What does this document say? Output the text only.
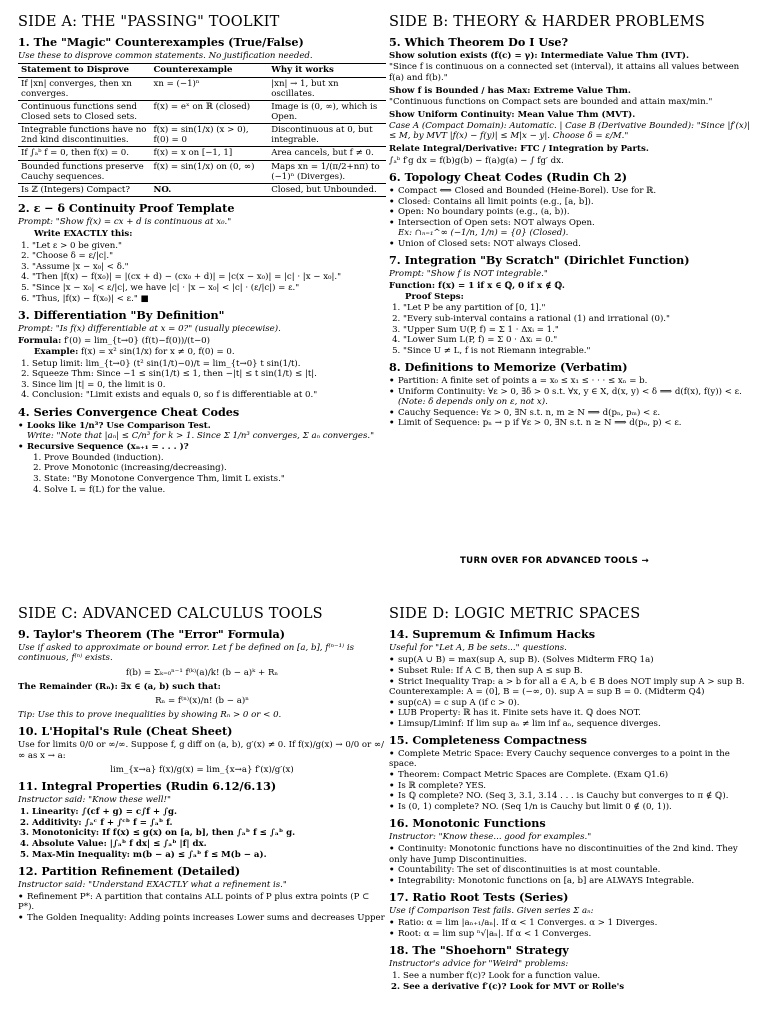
SIDE A: THE "PASSING" TOOLKIT
1. The "Magic" Counterexamples (True/False)
Use these to disprove common statements. No justification needed.
Statement to Disprove	Counterexample	Why it works
If |xn| converges, then xn converges.	xn = (−1)ⁿ	|xn| → 1, but xn oscillates.
Continuous functions send Closed sets to Closed sets.	f(x) = eˣ on ℝ (closed)	Image is (0, ∞), which is Open.
Integrable functions have no 2nd kind discontinuities.	f(x) = sin(1/x) (x > 0), f(0) = 0	Discontinuous at 0, but integrable.
If ∫ₐᵇ f = 0, then f(x) = 0.	f(x) = x on [−1, 1]	Area cancels, but f ≠ 0.
Bounded functions preserve Cauchy sequences.	f(x) = sin(1/x) on (0, ∞)	Maps xn = 1/(π/2+nπ) to (−1)ⁿ (Diverges).
Is ℤ (Integers) Compact?	NO.	Closed, but Unbounded.
2. ε − δ Continuity Proof Template
Prompt: "Show f(x) = cx + d is continuous at x₀."
Write EXACTLY this:
1. "Let ε > 0 be given."
2. "Choose δ = ε/|c|."
3. "Assume |x − x₀| < δ."
4. "Then |f(x) − f(x₀)| = |(cx + d) − (cx₀ + d)| = |c(x − x₀)| = |c| · |x − x₀|."
5. "Since |x − x₀| < ε/|c|, we have |c| · |x − x₀| < |c| · (ε/|c|) = ε."
6. "Thus, |f(x) − f(x₀)| < ε." ■
3. Differentiation "By Definition"
Prompt: "Is f(x) differentiable at x = 0?" (usually piecewise).
Formula: f′(0) = lim_{t→0} (f(t)−f(0))/(t−0)
Example: f(x) = x² sin(1/x) for x ≠ 0, f(0) = 0.
1. Setup limit: lim_{t→0} (t² sin(1/t)−0)/t = lim_{t→0} t sin(1/t).
2. Squeeze Thm: Since −1 ≤ sin(1/t) ≤ 1, then −|t| ≤ t sin(1/t) ≤ |t|.
3. Since lim |t| = 0, the limit is 0.
4. Conclusion: "Limit exists and equals 0, so f is differentiable at 0."
4. Series Convergence Cheat Codes
• Looks like 1/n³? Use Comparison Test.
Write: "Note that |aₙ| ≤ C/n³ for k > 1. Since Σ 1/n³ converges, Σ aₙ converges."
• Recursive Sequence (xₙ₊₁ = . . . )?
1. Prove Bounded (induction).
2. Prove Monotonic (increasing/decreasing).
3. State: "By Monotone Convergence Thm, limit L exists."
4. Solve L = f(L) for the value.
SIDE B: THEORY & HARDER PROBLEMS
5. Which Theorem Do I Use?
Show solution exists (f(c) = γ): Intermediate Value Thm (IVT).
"Since f is continuous on a connected set (interval), it attains all values between f(a) and f(b)."
Show f is Bounded / has Max: Extreme Value Thm.
"Continuous functions on Compact sets are bounded and attain max/min."
Show Uniform Continuity: Mean Value Thm (MVT).
Case A (Compact Domain): Automatic. | Case B (Derivative Bounded): "Since |f′(x)| ≤ M, by MVT |f(x) − f(y)| ≤ M|x − y|. Choose δ = ε/M."
Relate Integral/Derivative: FTC / Integration by Parts.
∫ₐᵇ f′g dx = f(b)g(b) − f(a)g(a) − ∫ fg′ dx.
6. Topology Cheat Codes (Rudin Ch 2)
• Compact ⟺ Closed and Bounded (Heine-Borel). Use for ℝ.
• Closed: Contains all limit points (e.g., [a, b]).
• Open: No boundary points (e.g., (a, b)).
• Intersection of Open sets: NOT always Open.
Ex: ∩ₙ₌₁^∞ (−1/n, 1/n) = {0} (Closed).
• Union of Closed sets: NOT always Closed.
7. Integration "By Scratch" (Dirichlet Function)
Prompt: "Show f is NOT integrable."
Function: f(x) = 1 if x ∈ ℚ, 0 if x ∉ ℚ.
Proof Steps:
1. "Let P be any partition of [0, 1]."
2. "Every sub-interval contains a rational (1) and irrational (0)."
3. "Upper Sum U(P, f) = Σ 1 · Δxᵢ = 1."
4. "Lower Sum L(P, f) = Σ 0 · Δxᵢ = 0."
5. "Since U ≠ L, f is not Riemann integrable."
8. Definitions to Memorize (Verbatim)
• Partition: A finite set of points a = x₀ ≤ x₁ ≤ · · · ≤ xₙ = b.
• Uniform Continuity: ∀ε > 0, ∃δ > 0 s.t. ∀x, y ∈ X, d(x, y) < δ ⟹ d(f(x), f(y)) < ε.
(Note: δ depends only on ε, not x).
• Cauchy Sequence: ∀ε > 0, ∃N s.t. n, m ≥ N ⟹ d(pₙ, pₘ) < ε.
• Limit of Sequence: pₙ → p if ∀ε > 0, ∃N s.t. n ≥ N ⟹ d(pₙ, p) < ε.
TURN OVER FOR ADVANCED TOOLS →
SIDE C: ADVANCED CALCULUS TOOLS
9. Taylor's Theorem (The "Error" Formula)
Use if asked to approximate or bound error. Let f be defined on [a, b], f⁽ⁿ⁻¹⁾ is continuous, f⁽ⁿ⁾ exists.
f(b) = Σₖ₌₀ⁿ⁻¹ f⁽ᵏ⁾(a)/k! (b − a)ᵏ + Rₙ
The Remainder (Rₙ): ∃x ∈ (a, b) such that:
Rₙ = f⁽ⁿ⁾(x)/n! (b − a)ⁿ
Tip: Use this to prove inequalities by showing Rₙ > 0 or < 0.
10. L'Hopital's Rule (Cheat Sheet)
Use for limits 0/0 or ∞/∞. Suppose f, g diff on (a, b), g′(x) ≠ 0. If f(x)/g(x) → 0/0 or ∞/∞ as x → a:
lim_{x→a} f(x)/g(x) = lim_{x→a} f′(x)/g′(x)
11. Integral Properties (Rudin 6.12/6.13)
Instructor said: "Know these well!"
1. Linearity: ∫(cf + g) = c∫f + ∫g.
2. Additivity: ∫ₐᶜ f + ∫ᶜᵇ f = ∫ₐᵇ f.
3. Monotonicity: If f(x) ≤ g(x) on [a, b], then ∫ₐᵇ f ≤ ∫ₐᵇ g.
4. Absolute Value: |∫ₐᵇ f dx| ≤ ∫ₐᵇ |f| dx.
5. Max-Min Inequality: m(b − a) ≤ ∫ₐᵇ f ≤ M(b − a).
12. Partition Refinement (Detailed)
Instructor said: "Understand EXACTLY what a refinement is."
• Refinement P*: A partition that contains ALL points of P plus extra points (P ⊂ P*).
• The Golden Inequality: Adding points increases Lower sums and decreases Upper
SIDE D: LOGIC METRIC SPACES
14. Supremum & Infimum Hacks
Useful for "Let A, B be sets..." questions.
• sup(A ∪ B) = max(sup A, sup B). (Solves Midterm FRQ 1a)
• Subset Rule: If A ⊂ B, then sup A ≤ sup B.
• Strict Inequality Trap: a > b for all a ∈ A, b ∈ B does NOT imply sup A > sup B. Counterexample: A = (0], B = (−∞, 0). sup A = sup B = 0. (Midterm Q4)
• sup(cA) = c sup A (if c > 0).
• LUB Property: ℝ has it. Finite sets have it. ℚ does NOT.
• Limsup/Liminf: If lim sup aₙ ≠ lim inf aₙ, sequence diverges.
15. Completeness Compactness
• Complete Metric Space: Every Cauchy sequence converges to a point in the space.
• Theorem: Compact Metric Spaces are Complete. (Exam Q1.6)
• Is ℝ complete? YES.
• Is ℚ complete? NO. (Seq 3, 3.1, 3.14 . . . is Cauchy but converges to π ∉ ℚ).
• Is (0, 1) complete? NO. (Seq 1/n is Cauchy but limit 0 ∉ (0, 1)).
16. Monotonic Functions
Instructor: "Know these... good for examples."
• Continuity: Monotonic functions have no discontinuities of the 2nd kind. They only have Jump Discontinuities.
• Countability: The set of discontinuities is at most countable.
• Integrability: Monotonic functions on [a, b] are ALWAYS Integrable.
17. Ratio Root Tests (Series)
Use if Comparison Test fails. Given series Σ aₙ:
• Ratio: α = lim |aₙ₊₁/aₙ|. If α < 1 Converges. α > 1 Diverges.
• Root: α = lim sup ⁿ√|aₙ|. If α < 1 Converges.
18. The "Shoehorn" Strategy
Instructor's advice for "Weird" problems:
1. See a number f(c)? Look for a function value.
2. See a derivative f′(c)? Look for MVT or Rolle's
